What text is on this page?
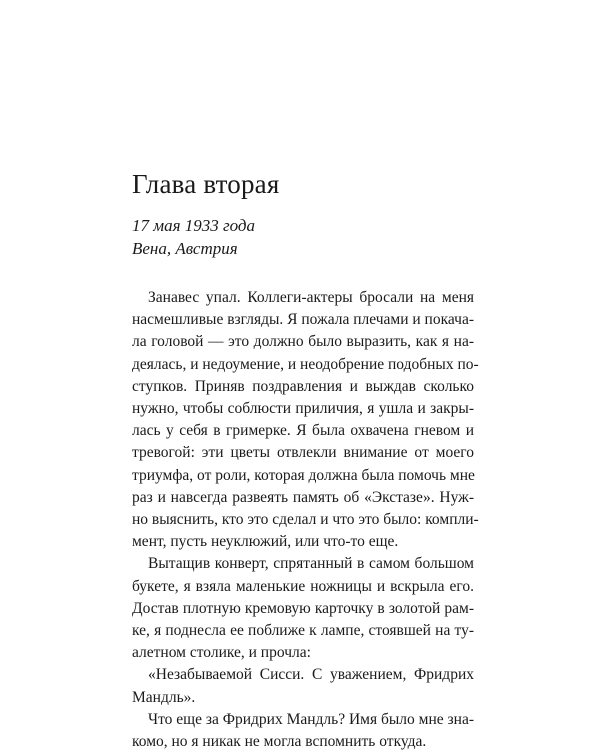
Глава вторая
17 мая 1933 года
Вена, Австрия
Занавес упал. Коллеги-актеры бросали на меня
насмешливые взгляды. Я пожала плечами и покача-
ла головой — это должно было выразить, как я на-
деялась, и недоумение, и неодобрение подобных по-
ступков. Приняв поздравления и выждав сколько
нужно, чтобы соблюсти приличия, я ушла и закры-
лась у себя в гримерке. Я была охвачена гневом и
тревогой: эти цветы отвлекли внимание от моего
триумфа, от роли, которая должна была помочь мне
раз и навсегда развеять память об «Экстазе». Нуж-
но выяснить, кто это сделал и что это было: компли-
мент, пусть неуклюжий, или что-то еще.
Вытащив конверт, спрятанный в самом большом
букете, я взяла маленькие ножницы и вскрыла его.
Достав плотную кремовую карточку в золотой рам-
ке, я поднесла ее поближе к лампе, стоявшей на ту-
алетном столике, и прочла:
«Незабываемой Сисси. С уважением, Фридрих
Мандль».
Что еще за Фридрих Мандль? Имя было мне зна-
комо, но я никак не могла вспомнить откуда.
